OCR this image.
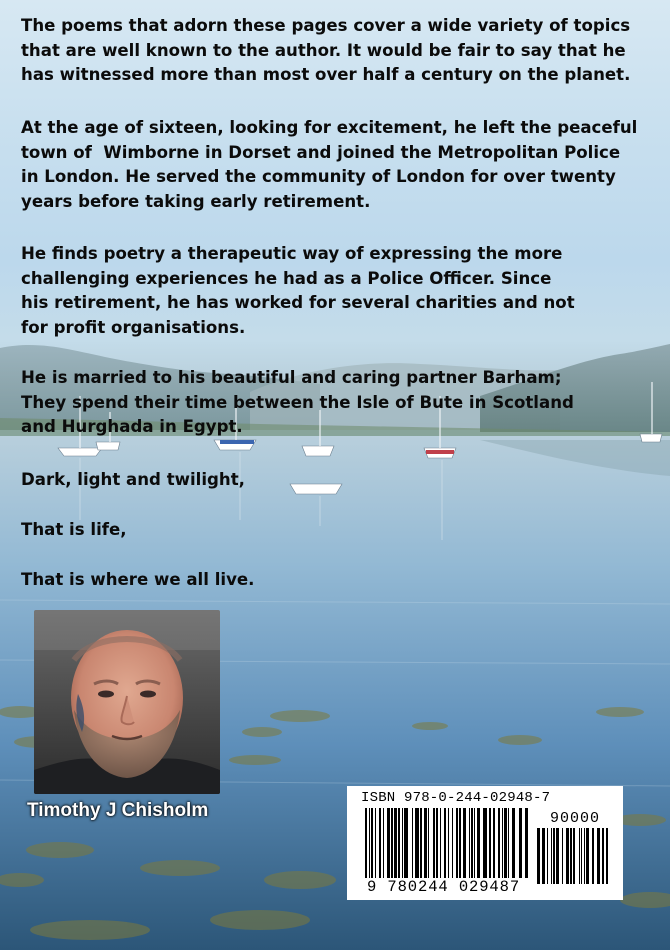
The poems that adorn these pages cover a wide variety of topics
that are well known to the author. It would be fair to say that he
has witnessed more than most over half a century on the planet.

At the age of sixteen, looking for excitement, he left the peaceful
town of  Wimborne in Dorset and joined the Metropolitan Police
in London. He served the community of London for over twenty
years before taking early retirement.

He finds poetry a therapeutic way of expressing the more
challenging experiences he had as a Police Officer. Since
his retirement, he has worked for several charities and not
for profit organisations.

He is married to his beautiful and caring partner Barham;
They spend their time between the Isle of Bute in Scotland
and Hurghada in Egypt.

Dark, light and twilight,

That is life,

That is where we all live.

Timothy J Chisholm
ISBN 978-0-244-02948-7
90000
9 780244 029487
